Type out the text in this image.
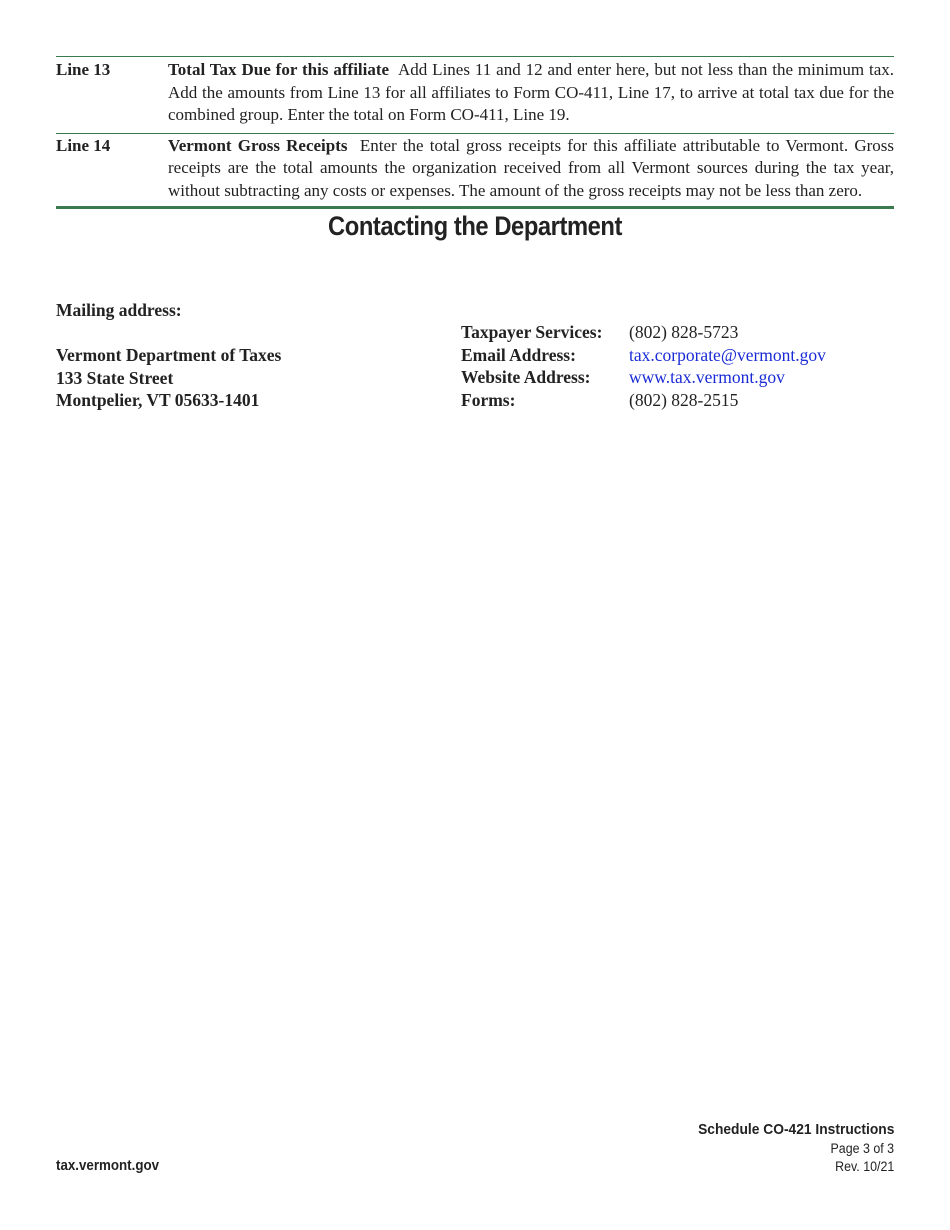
Line 13	Total Tax Due for this affiliate Add Lines 11 and 12 and enter here, but not less than the minimum tax. Add the amounts from Line 13 for all affiliates to Form CO-411, Line 17, to arrive at total tax due for the combined group. Enter the total on Form CO-411, Line 19.
Line 14	Vermont Gross Receipts Enter the total gross receipts for this affiliate attributable to Vermont. Gross receipts are the total amounts the organization received from all Vermont sources during the tax year, without subtracting any costs or expenses. The amount of the gross receipts may not be less than zero.
Contacting the Department
Mailing address:
Vermont Department of Taxes
133 State Street
Montpelier, VT 05633-1401
Taxpayer Services:	(802) 828-5723
Email Address:	tax.corporate@vermont.gov
Website Address:	www.tax.vermont.gov
Forms:	(802) 828-2515
tax.vermont.gov
Schedule CO-421 Instructions
Page 3 of 3
Rev. 10/21
